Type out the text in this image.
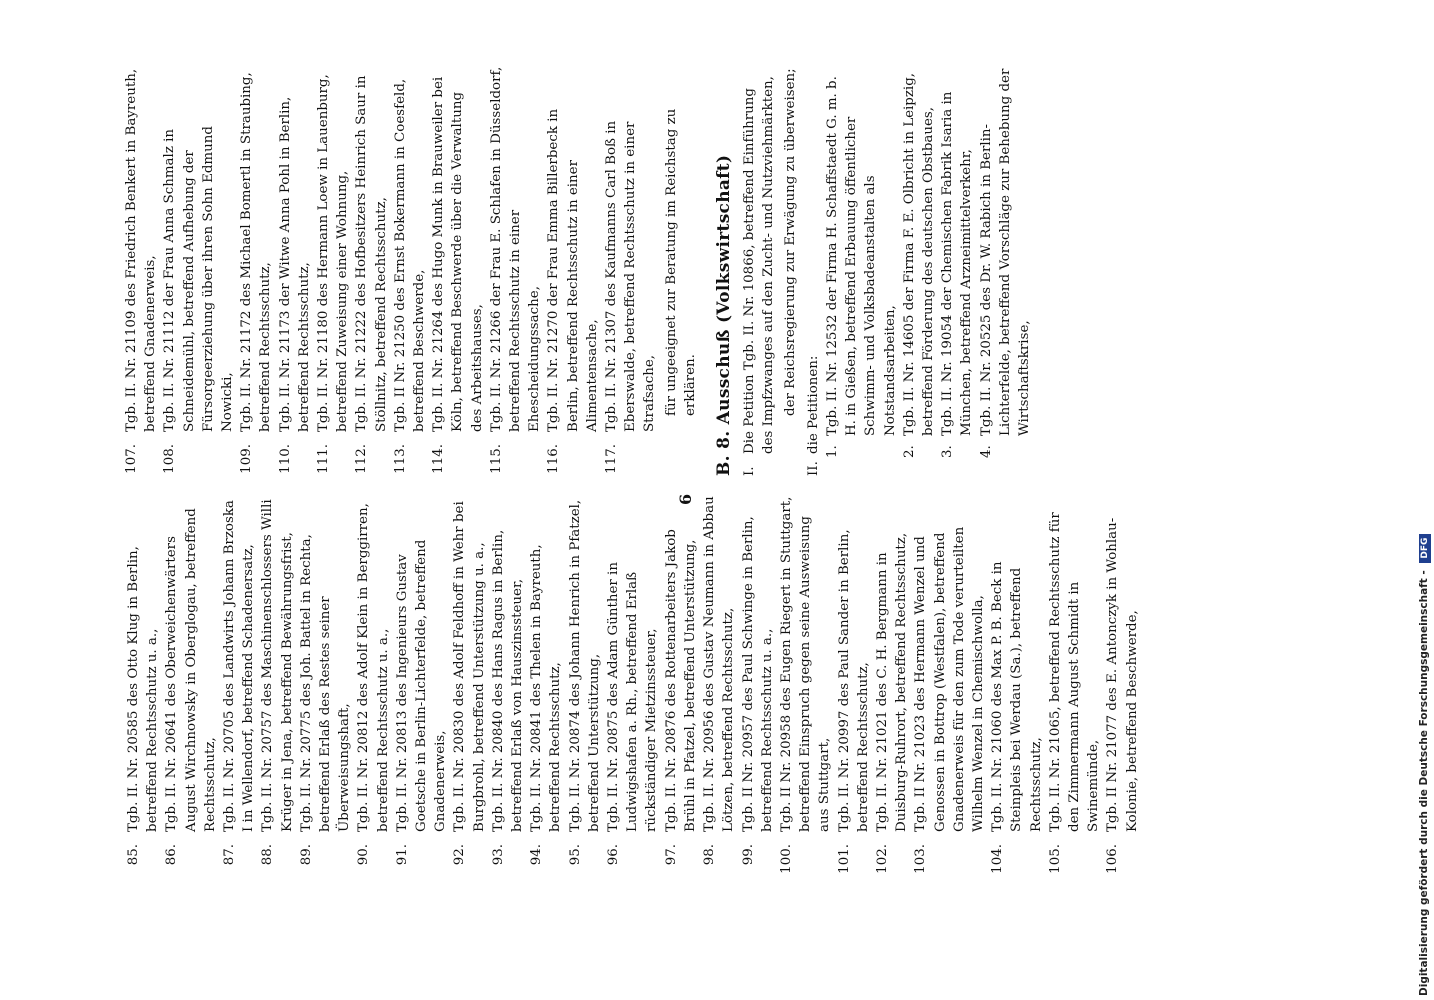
6
85.
Tgb. II. Nr. 20585 des Otto Klug in Berlin, betreffend Rechtsschutz u. a.,
86.
Tgb. II. Nr. 20641 des Oberweichenwärters August Wirchnowsky in Oberglogau, betreffend Rechtsschutz,
87.
Tgb. II. Nr. 20705 des Landwirts Johann Brzoska I in Wellendorf, betreffend Schadenersatz,
88.
Tgb. II. Nr. 20757 des Maschinenschlossers Willi Krüger in Jena, betreffend Bewährungsfrist,
89.
Tgb. II. Nr. 20775 des Joh. Battel in Rechta, betreffend Erlaß des Restes seiner Überweisungshaft,
90.
Tgb. II. Nr. 20812 des Adolf Klein in Berggirren, betreffend Rechtsschutz u. a.,
91.
Tgb. II. Nr. 20813 des Ingenieurs Gustav Goetsche in Berlin-Lichterfelde, betreffend Gnadenerweis,
92.
Tgb. II. Nr. 20830 des Adolf Feldhoff in Wehr bei Burgbrohl, betreffend Unterstützung u. a.,
93.
Tgb. II. Nr. 20840 des Hans Ragus in Berlin, betreffend Erlaß von Hauszinssteuer,
94.
Tgb. II. Nr. 20841 des Thelen in Bayreuth, betreffend Rechtsschutz,
95.
Tgb. II. Nr. 20874 des Johann Henrich in Pfatzel, betreffend Unterstützung,
96.
Tgb. II. Nr. 20875 des Adam Günther in Ludwigshafen a. Rh., betreffend Erlaß rückständiger Mietzinssteuer,
97.
Tgb. II. Nr. 20876 des Rottenarbeiters Jakob Brühl in Pfatzel, betreffend Unterstützung,
98.
Tgb. II. Nr. 20956 des Gustav Neumann in Abbau Lötzen, betreffend Rechtsschutz,
99.
Tgb. II Nr. 20957 des Paul Schwinge in Berlin, betreffend Rechtsschutz u. a.,
100.
Tgb. II Nr. 20958 des Eugen Riegert in Stuttgart, betreffend Einspruch gegen seine Ausweisung aus Stuttgart,
101.
Tgb. II. Nr. 20997 des Paul Sander in Berlin, betreffend Rechtsschutz,
102.
Tgb. II. Nr. 21021 des C. H. Bergmann in Duisburg-Ruhrort, betreffend Rechtsschutz,
103.
Tgb. II Nr. 21023 des Hermann Wenzel und Genossen in Bottrop (Westfalen), betreffend Gnadenerweis für den zum Tode verurteilten Wilhelm Wenzel in Chemischwolla,
104.
Tgb. II. Nr. 21060 des Max P. B. Beck in Steinpleis bei Werdau (Sa.), betreffend Rechtsschutz,
105.
Tgb. II. Nr. 21065, betreffend Rechtsschutz für den Zimmermann August Schmidt in Swinemünde,
106.
Tgb. II Nr. 21077 des E. Antonczyk in Wohlau-Kolonie, betreffend Beschwerde,
107.
Tgb. II. Nr. 21109 des Friedrich Benkert in Bayreuth, betreffend Gnadenerweis,
108.
Tgb. II. Nr. 21112 der Frau Anna Schmalz in Schneidemühl, betreffend Aufhebung der Fürsorgeerziehung über ihren Sohn Edmund Nowicki,
109.
Tgb. II. Nr. 21172 des Michael Bomertl in Straubing, betreffend Rechtsschutz,
110.
Tgb. II. Nr. 21173 der Witwe Anna Pohl in Berlin, betreffend Rechtsschutz,
111.
Tgb. II. Nr. 21180 des Hermann Loew in Lauenburg, betreffend Zuweisung einer Wohnung,
112.
Tgb. II. Nr. 21222 des Hofbesitzers Heinrich Saur in Stöllnitz, betreffend Rechtsschutz,
113.
Tgb. II Nr. 21250 des Ernst Bokermann in Coesfeld, betreffend Beschwerde,
114.
Tgb. II. Nr. 21264 des Hugo Munk in Brauweiler bei Köln, betreffend Beschwerde über die Verwaltung des Arbeitshauses,
115.
Tgb. II. Nr. 21266 der Frau E. Schlafen in Düsseldorf, betreffend Rechtsschutz in einer Ehescheidungssache,
116.
Tgb. II. Nr. 21270 der Frau Emma Billerbeck in Berlin, betreffend Rechtsschutz in einer Alimentensache,
117.
Tgb. II. Nr. 21307 des Kaufmanns Carl Boß in Eberswalde, betreffend Rechtsschutz in einer Strafsache, für ungeeignet zur Beratung im Reichstag zu erklären. B. 8. Ausschuß (Volkswirtschaft) I.
Die Petition Tgb. II. Nr. 10866, betreffend Einführung des Impfzwanges auf den Zucht- und Nutzviehmärkten, der Reichsregierung zur Erwägung zu überweisen;
II.
die Petitionen: 1.
Tgb. II. Nr. 12532 der Firma H. Schaffstaedt G. m. b. H. in Gießen, betreffend Erbauung öffentlicher Schwimm- und Volksbadeanstalten als Notstandsarbeiten,
2.
Tgb. II. Nr. 14605 der Firma F. E. Olbricht in Leipzig, betreffend Förderung des deutschen Obstbaues,
3.
Tgb. II. Nr. 19054 der Chemischen Fabrik Isaria in München, betreffend Arzneimittelverkehr,
4.
Tgb. II. Nr. 20525 des Dr. W. Rabich in Berlin-Lichterfelde, betreffend Vorschläge zur Behebung der Wirtschaftskrise,
Digitalisierung gefördert durch die Deutsche Forschungsgemeinschaft - DFG
